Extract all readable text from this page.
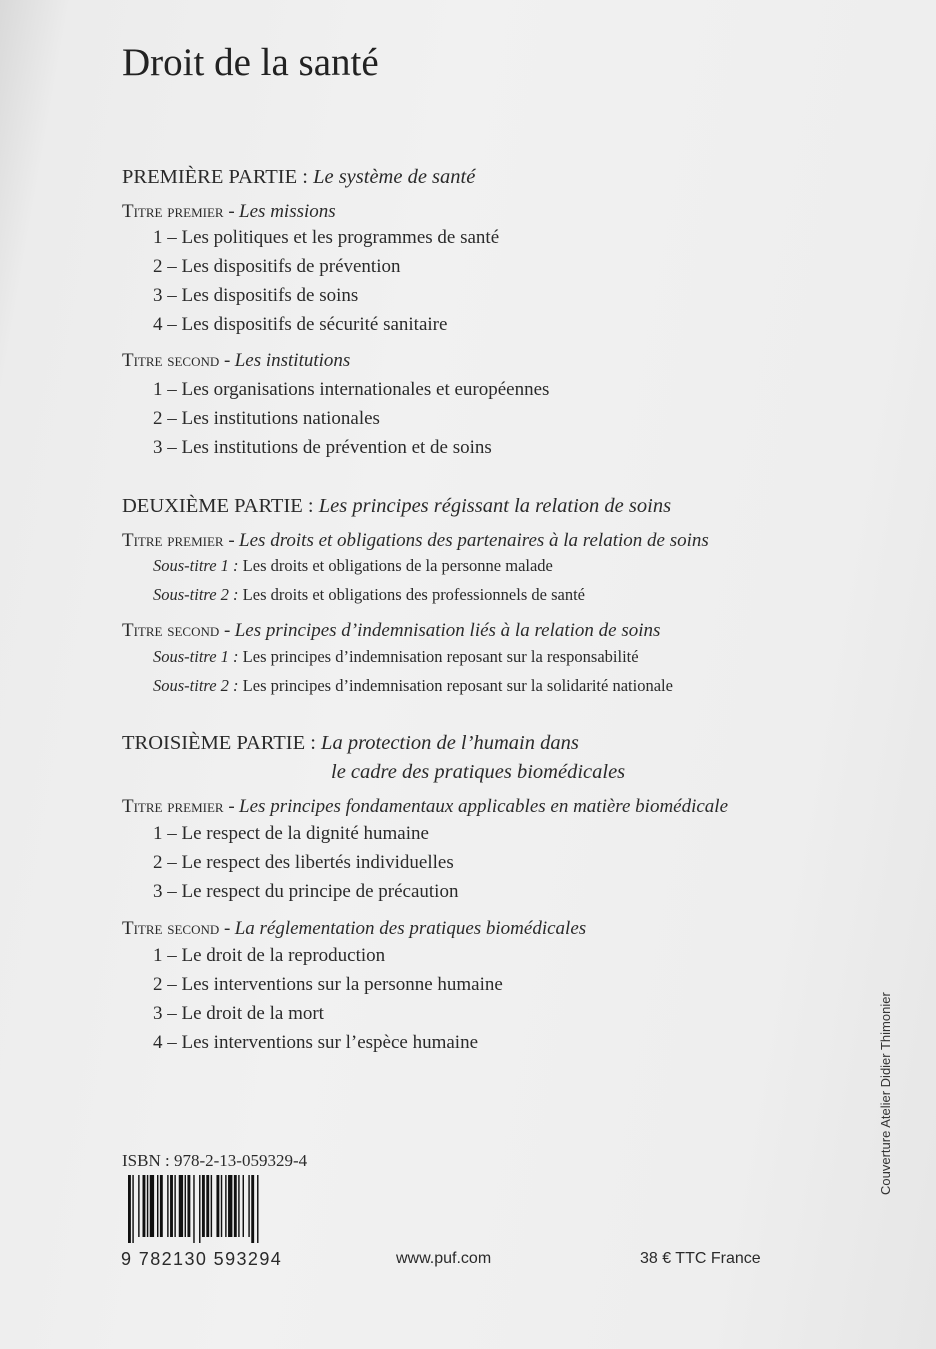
Droit de la santé
PREMIÈRE PARTIE : Le système de santé
Titre premier - Les missions
1 – Les politiques et les programmes de santé
2 – Les dispositifs de prévention
3 – Les dispositifs de soins
4 – Les dispositifs de sécurité sanitaire
Titre second - Les institutions
1 – Les organisations internationales et européennes
2 – Les institutions nationales
3 – Les institutions de prévention et de soins
DEUXIÈME PARTIE : Les principes régissant la relation de soins
Titre premier - Les droits et obligations des partenaires à la relation de soins
Sous-titre 1 : Les droits et obligations de la personne malade
Sous-titre 2 : Les droits et obligations des professionnels de santé
Titre second - Les principes d’indemnisation liés à la relation de soins
Sous-titre 1 : Les principes d’indemnisation reposant sur la responsabilité
Sous-titre 2 : Les principes d’indemnisation reposant sur la solidarité nationale
TROISIÈME PARTIE : La protection de l’humain dans
le cadre des pratiques biomédicales
Titre premier - Les principes fondamentaux applicables en matière biomédicale
1 – Le respect de la dignité humaine
2 – Le respect des libertés individuelles
3 – Le respect du principe de précaution
Titre second - La réglementation des pratiques biomédicales
1 – Le droit de la reproduction
2 – Les interventions sur la personne humaine
3 – Le droit de la mort
4 – Les interventions sur l’espèce humaine
ISBN : 978-2-13-059329-4
9 782130 593294	www.puf.com	38 € TTC France
Couverture Atelier Didier Thimonier
